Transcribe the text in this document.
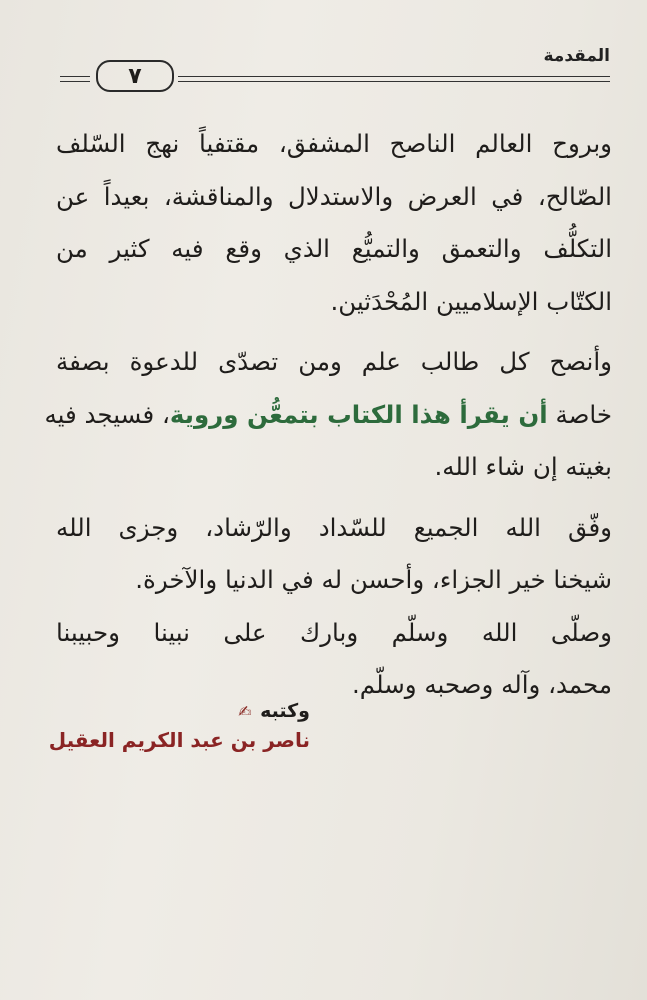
المقدمة
٧
وبروح العالم الناصح المشفق، مقتفياً نهج السّلف
الصّالح، في العرض والاستدلال والمناقشة، بعيداً عن
التكلُّف والتعمق والتميُّع الذي وقع فيه كثير من
الكتّاب الإسلاميين المُحْدَثين.
وأنصح كل طالب علم ومن تصدّى للدعوة بصفة
خاصة أن يقرأ هذا الكتاب بتمعُّن وروية، فسيجد فيه
بغيته إن شاء الله.
وفّق الله الجميع للسّداد والرّشاد، وجزى الله
شيخنا خير الجزاء، وأحسن له في الدنيا والآخرة.
وصلّى الله وسلّم وبارك على نبينا وحبيبنا
محمد، وآله وصحبه وسلّم.
وكتبه ✍
ناصر بن عبد الكريم العقيل
